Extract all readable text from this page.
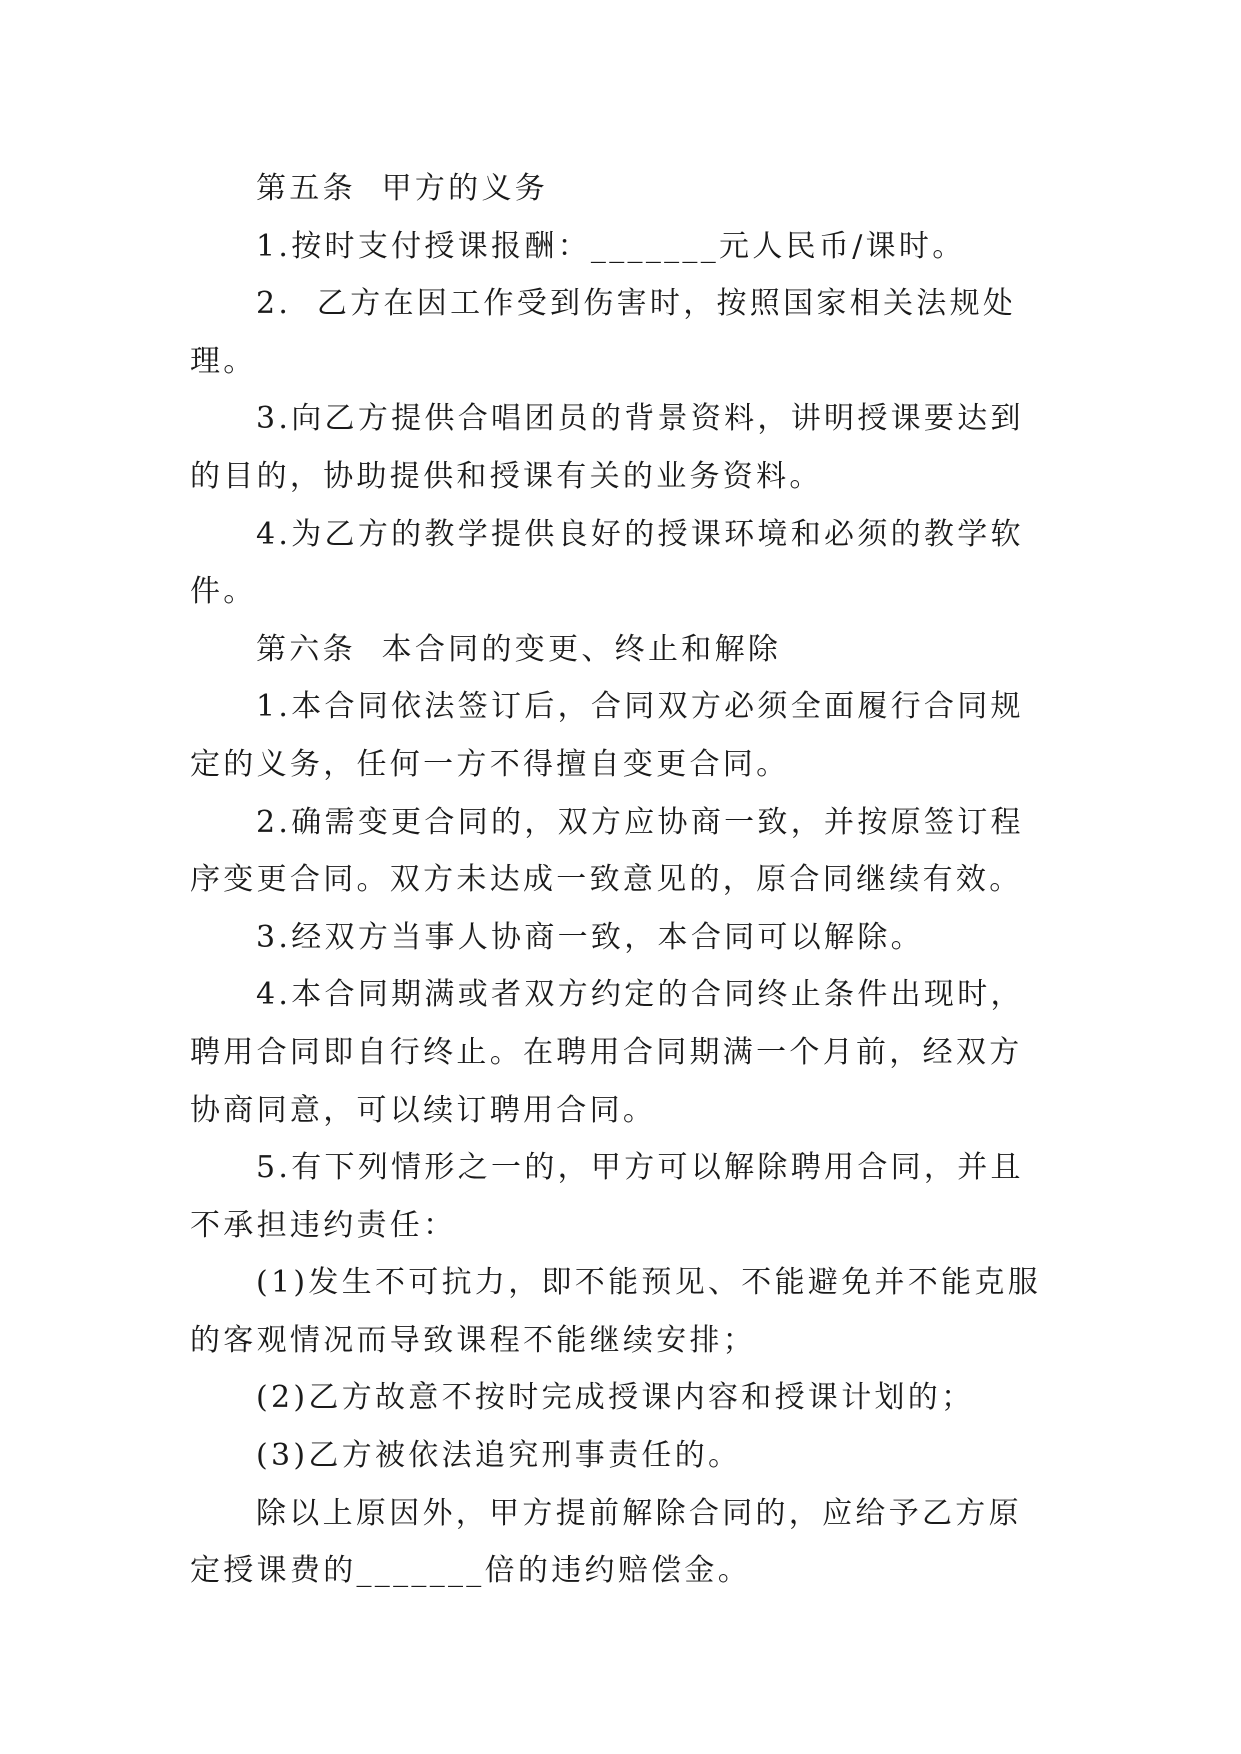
第五条  甲方的义务

1.按时支付授课报酬：_______元人民币/课时。

2.  乙方在因工作受到伤害时，按照国家相关法规处理。

3.向乙方提供合唱团员的背景资料，讲明授课要达到的目的，协助提供和授课有关的业务资料。

4.为乙方的教学提供良好的授课环境和必须的教学软件。

第六条  本合同的变更、终止和解除

1.本合同依法签订后，合同双方必须全面履行合同规定的义务，任何一方不得擅自变更合同。

2.确需变更合同的，双方应协商一致，并按原签订程序变更合同。双方未达成一致意见的，原合同继续有效。

3.经双方当事人协商一致，本合同可以解除。

4.本合同期满或者双方约定的合同终止条件出现时，聘用合同即自行终止。在聘用合同期满一个月前，经双方协商同意，可以续订聘用合同。

5.有下列情形之一的，甲方可以解除聘用合同，并且不承担违约责任：

(1)发生不可抗力，即不能预见、不能避免并不能克服的客观情况而导致课程不能继续安排；

(2)乙方故意不按时完成授课内容和授课计划的；

(3)乙方被依法追究刑事责任的。

除以上原因外，甲方提前解除合同的，应给予乙方原定授课费的_______倍的违约赔偿金。
